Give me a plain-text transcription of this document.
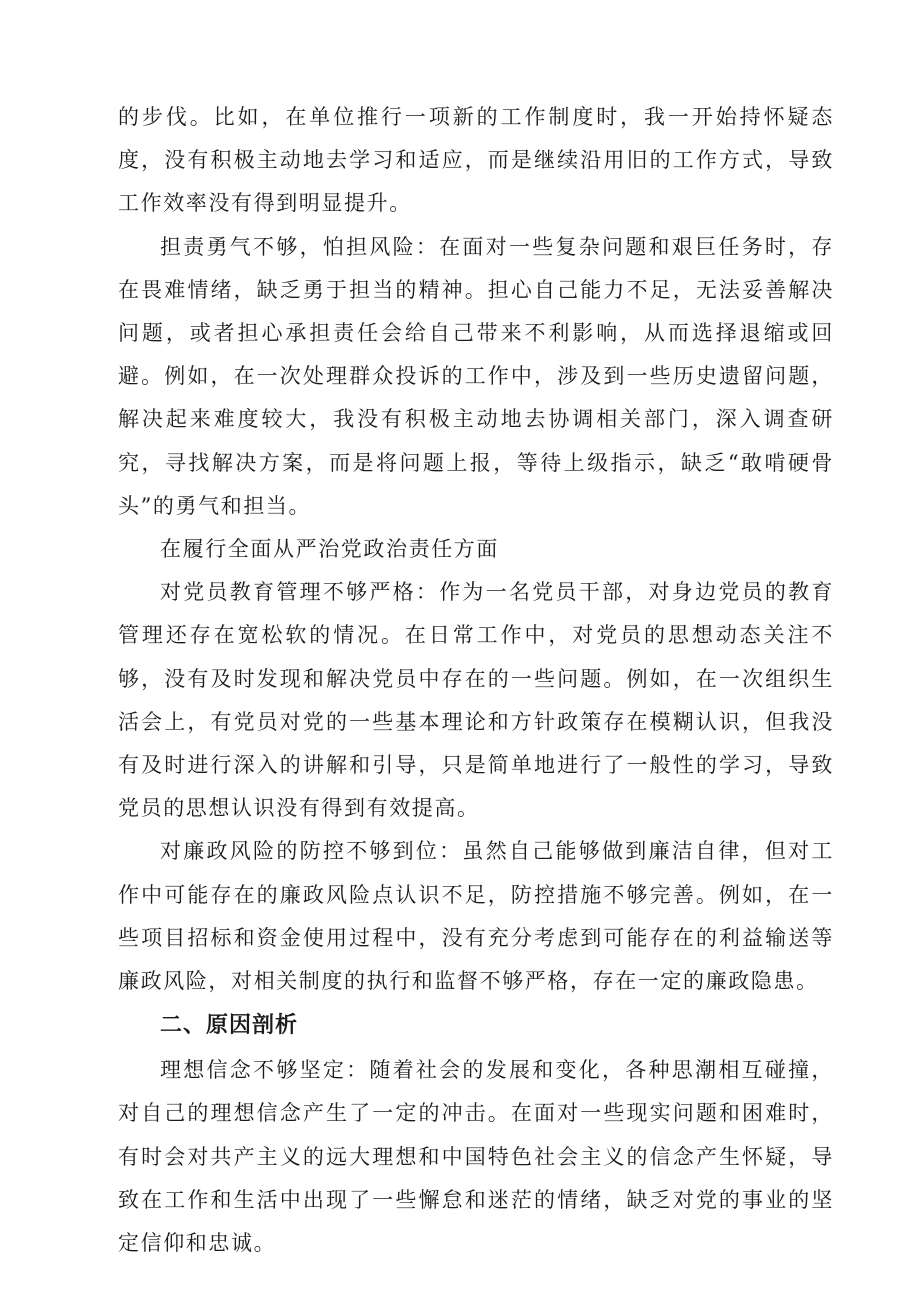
的步伐。比如，在单位推行一项新的工作制度时，我一开始持怀疑态度，没有积极主动地去学习和适应，而是继续沿用旧的工作方式，导致工作效率没有得到明显提升。

担责勇气不够，怕担风险：在面对一些复杂问题和艰巨任务时，存在畏难情绪，缺乏勇于担当的精神。担心自己能力不足，无法妥善解决问题，或者担心承担责任会给自己带来不利影响，从而选择退缩或回避。例如，在一次处理群众投诉的工作中，涉及到一些历史遗留问题，解决起来难度较大，我没有积极主动地去协调相关部门，深入调查研究，寻找解决方案，而是将问题上报，等待上级指示，缺乏“敢啃硬骨头”的勇气和担当。

在履行全面从严治党政治责任方面

对党员教育管理不够严格：作为一名党员干部，对身边党员的教育管理还存在宽松软的情况。在日常工作中，对党员的思想动态关注不够，没有及时发现和解决党员中存在的一些问题。例如，在一次组织生活会上，有党员对党的一些基本理论和方针政策存在模糊认识，但我没有及时进行深入的讲解和引导，只是简单地进行了一般性的学习，导致党员的思想认识没有得到有效提高。

对廉政风险的防控不够到位：虽然自己能够做到廉洁自律，但对工作中可能存在的廉政风险点认识不足，防控措施不够完善。例如，在一些项目招标和资金使用过程中，没有充分考虑到可能存在的利益输送等廉政风险，对相关制度的执行和监督不够严格，存在一定的廉政隐患。

二、原因剖析

理想信念不够坚定：随着社会的发展和变化，各种思潮相互碰撞，对自己的理想信念产生了一定的冲击。在面对一些现实问题和困难时，有时会对共产主义的远大理想和中国特色社会主义的信念产生怀疑，导致在工作和生活中出现了一些懈怠和迷茫的情绪，缺乏对党的事业的坚定信仰和忠诚。
